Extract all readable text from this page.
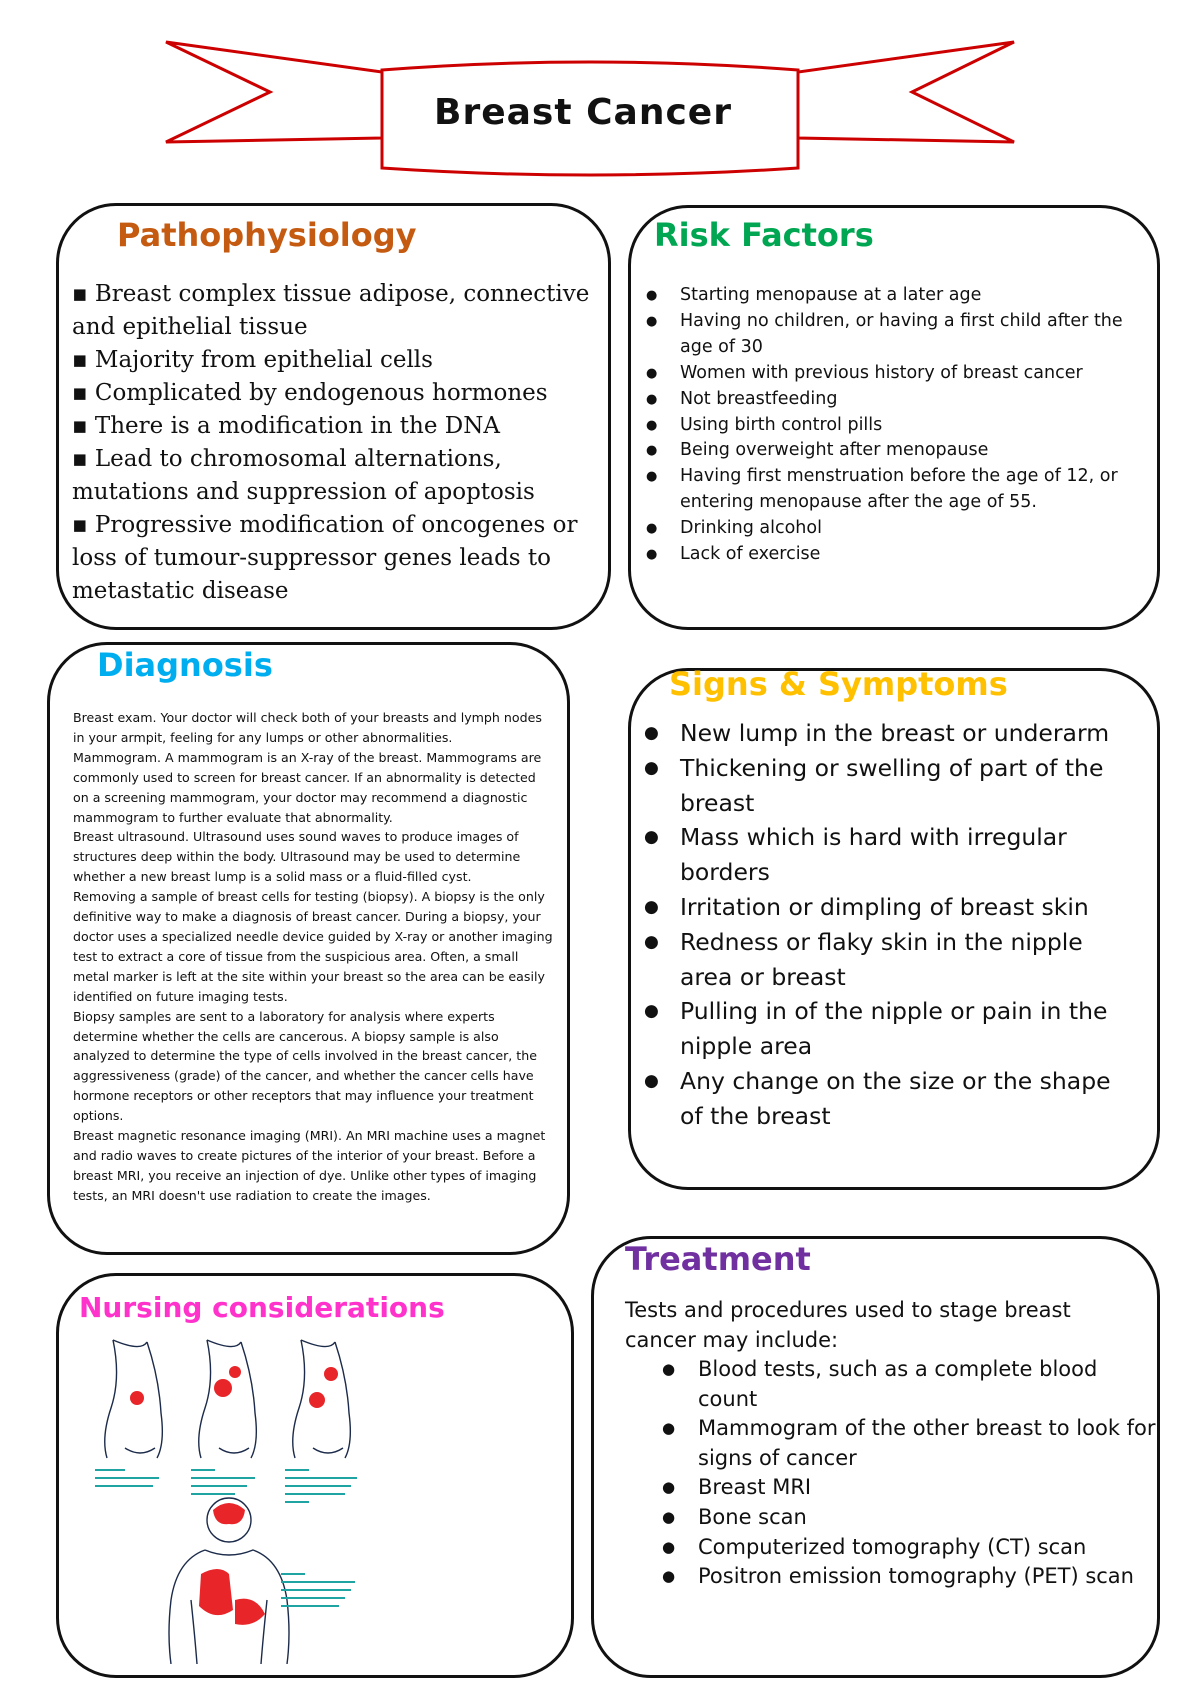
Breast Cancer
Pathophysiology
▪ Breast complex tissue adipose, connective
and epithelial tissue
▪ Majority from epithelial cells
▪ Complicated by endogenous hormones
▪ There is a modification in the DNA
▪ Lead to chromosomal alternations,
mutations and suppression of apoptosis
▪ Progressive modification of oncogenes or
loss of tumour-suppressor genes leads to
metastatic disease
Risk Factors
● Starting menopause at a later age
● Having no children, or having a first child after the age of 30
● Women with previous history of breast cancer
● Not breastfeeding
● Using birth control pills
● Being overweight after menopause
● Having first menstruation before the age of 12, or entering menopause after the age of 55.
● Drinking alcohol
● Lack of exercise
Diagnosis

Breast exam. Your doctor will check both of your breasts and lymph nodes in your armpit, feeling for any lumps or other abnormalities.

Mammogram. A mammogram is an X-ray of the breast. Mammograms are commonly used to screen for breast cancer. If an abnormality is detected on a screening mammogram, your doctor may recommend a diagnostic mammogram to further evaluate that abnormality.

Breast ultrasound. Ultrasound uses sound waves to produce images of structures deep within the body. Ultrasound may be used to determine whether a new breast lump is a solid mass or a fluid-filled cyst.

Removing a sample of breast cells for testing (biopsy). A biopsy is the only definitive way to make a diagnosis of breast cancer. During a biopsy, your doctor uses a specialized needle device guided by X-ray or another imaging test to extract a core of tissue from the suspicious area. Often, a small metal marker is left at the site within your breast so the area can be easily identified on future imaging tests.

Biopsy samples are sent to a laboratory for analysis where experts determine whether the cells are cancerous. A biopsy sample is also analyzed to determine the type of cells involved in the breast cancer, the aggressiveness (grade) of the cancer, and whether the cancer cells have hormone receptors or other receptors that may influence your treatment options.

Breast magnetic resonance imaging (MRI). An MRI machine uses a magnet and radio waves to create pictures of the interior of your breast. Before a breast MRI, you receive an injection of dye. Unlike other types of imaging tests, an MRI doesn't use radiation to create the images.

Signs & Symptoms
● New lump in the breast or underarm
● Thickening or swelling of part of the breast
● Mass which is hard with irregular borders
● Irritation or dimpling of breast skin
● Redness or flaky skin in the nipple area or breast
● Pulling in of the nipple or pain in the nipple area
● Any change on the size or the shape of the breast
Nursing considerations
Treatment

Tests and procedures used to stage breast cancer may include:

● Blood tests, such as a complete blood count
● Mammogram of the other breast to look for signs of cancer
● Breast MRI
● Bone scan
● Computerized tomography (CT) scan
● Positron emission tomography (PET) scan
